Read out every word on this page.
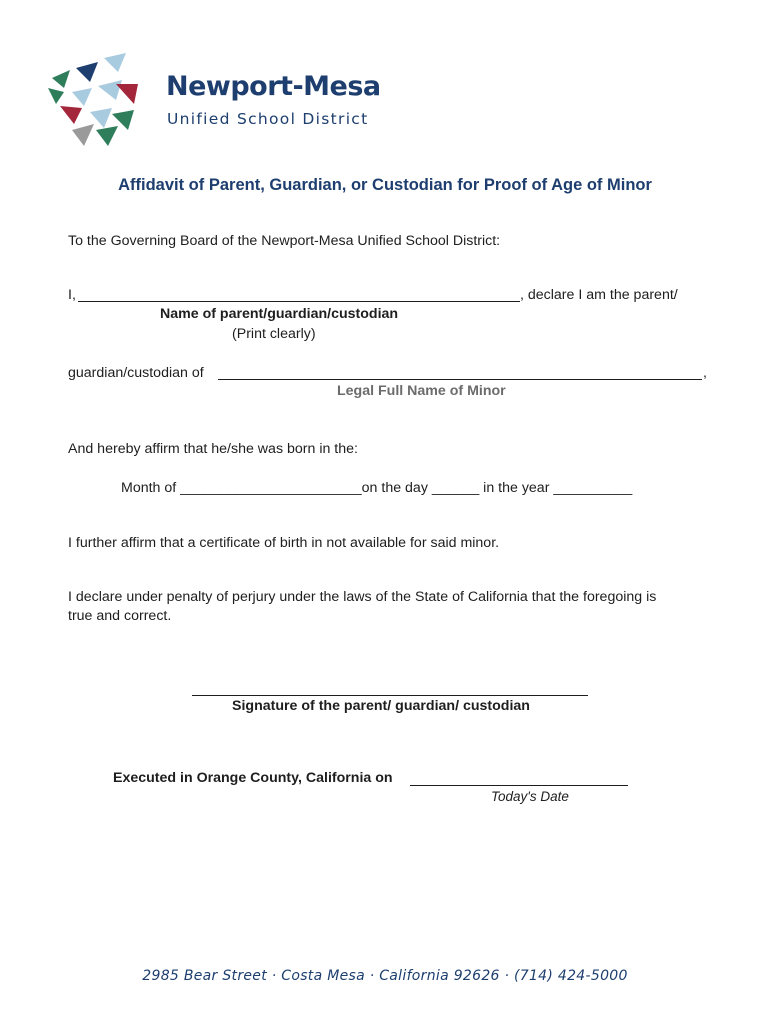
Newport-Mesa
Unified School District
Affidavit of Parent, Guardian, or Custodian for Proof of Age of Minor
To the Governing Board of the Newport-Mesa Unified School District:
I,	, declare I am the parent/
Name of parent/guardian/custodian
(Print clearly)
guardian/custodian of	,
Legal Full Name of Minor
And hereby affirm that he/she was born in the:
Month of _______________________on the day ______ in the year __________
I further affirm that a certificate of birth in not available for said minor.
I declare under penalty of perjury under the laws of the State of California that the foregoing is
true and correct.
Signature of the parent/ guardian/ custodian
Executed in Orange County, California on
Today's Date
2985 Bear Street · Costa Mesa · California 92626 · (714) 424-5000
